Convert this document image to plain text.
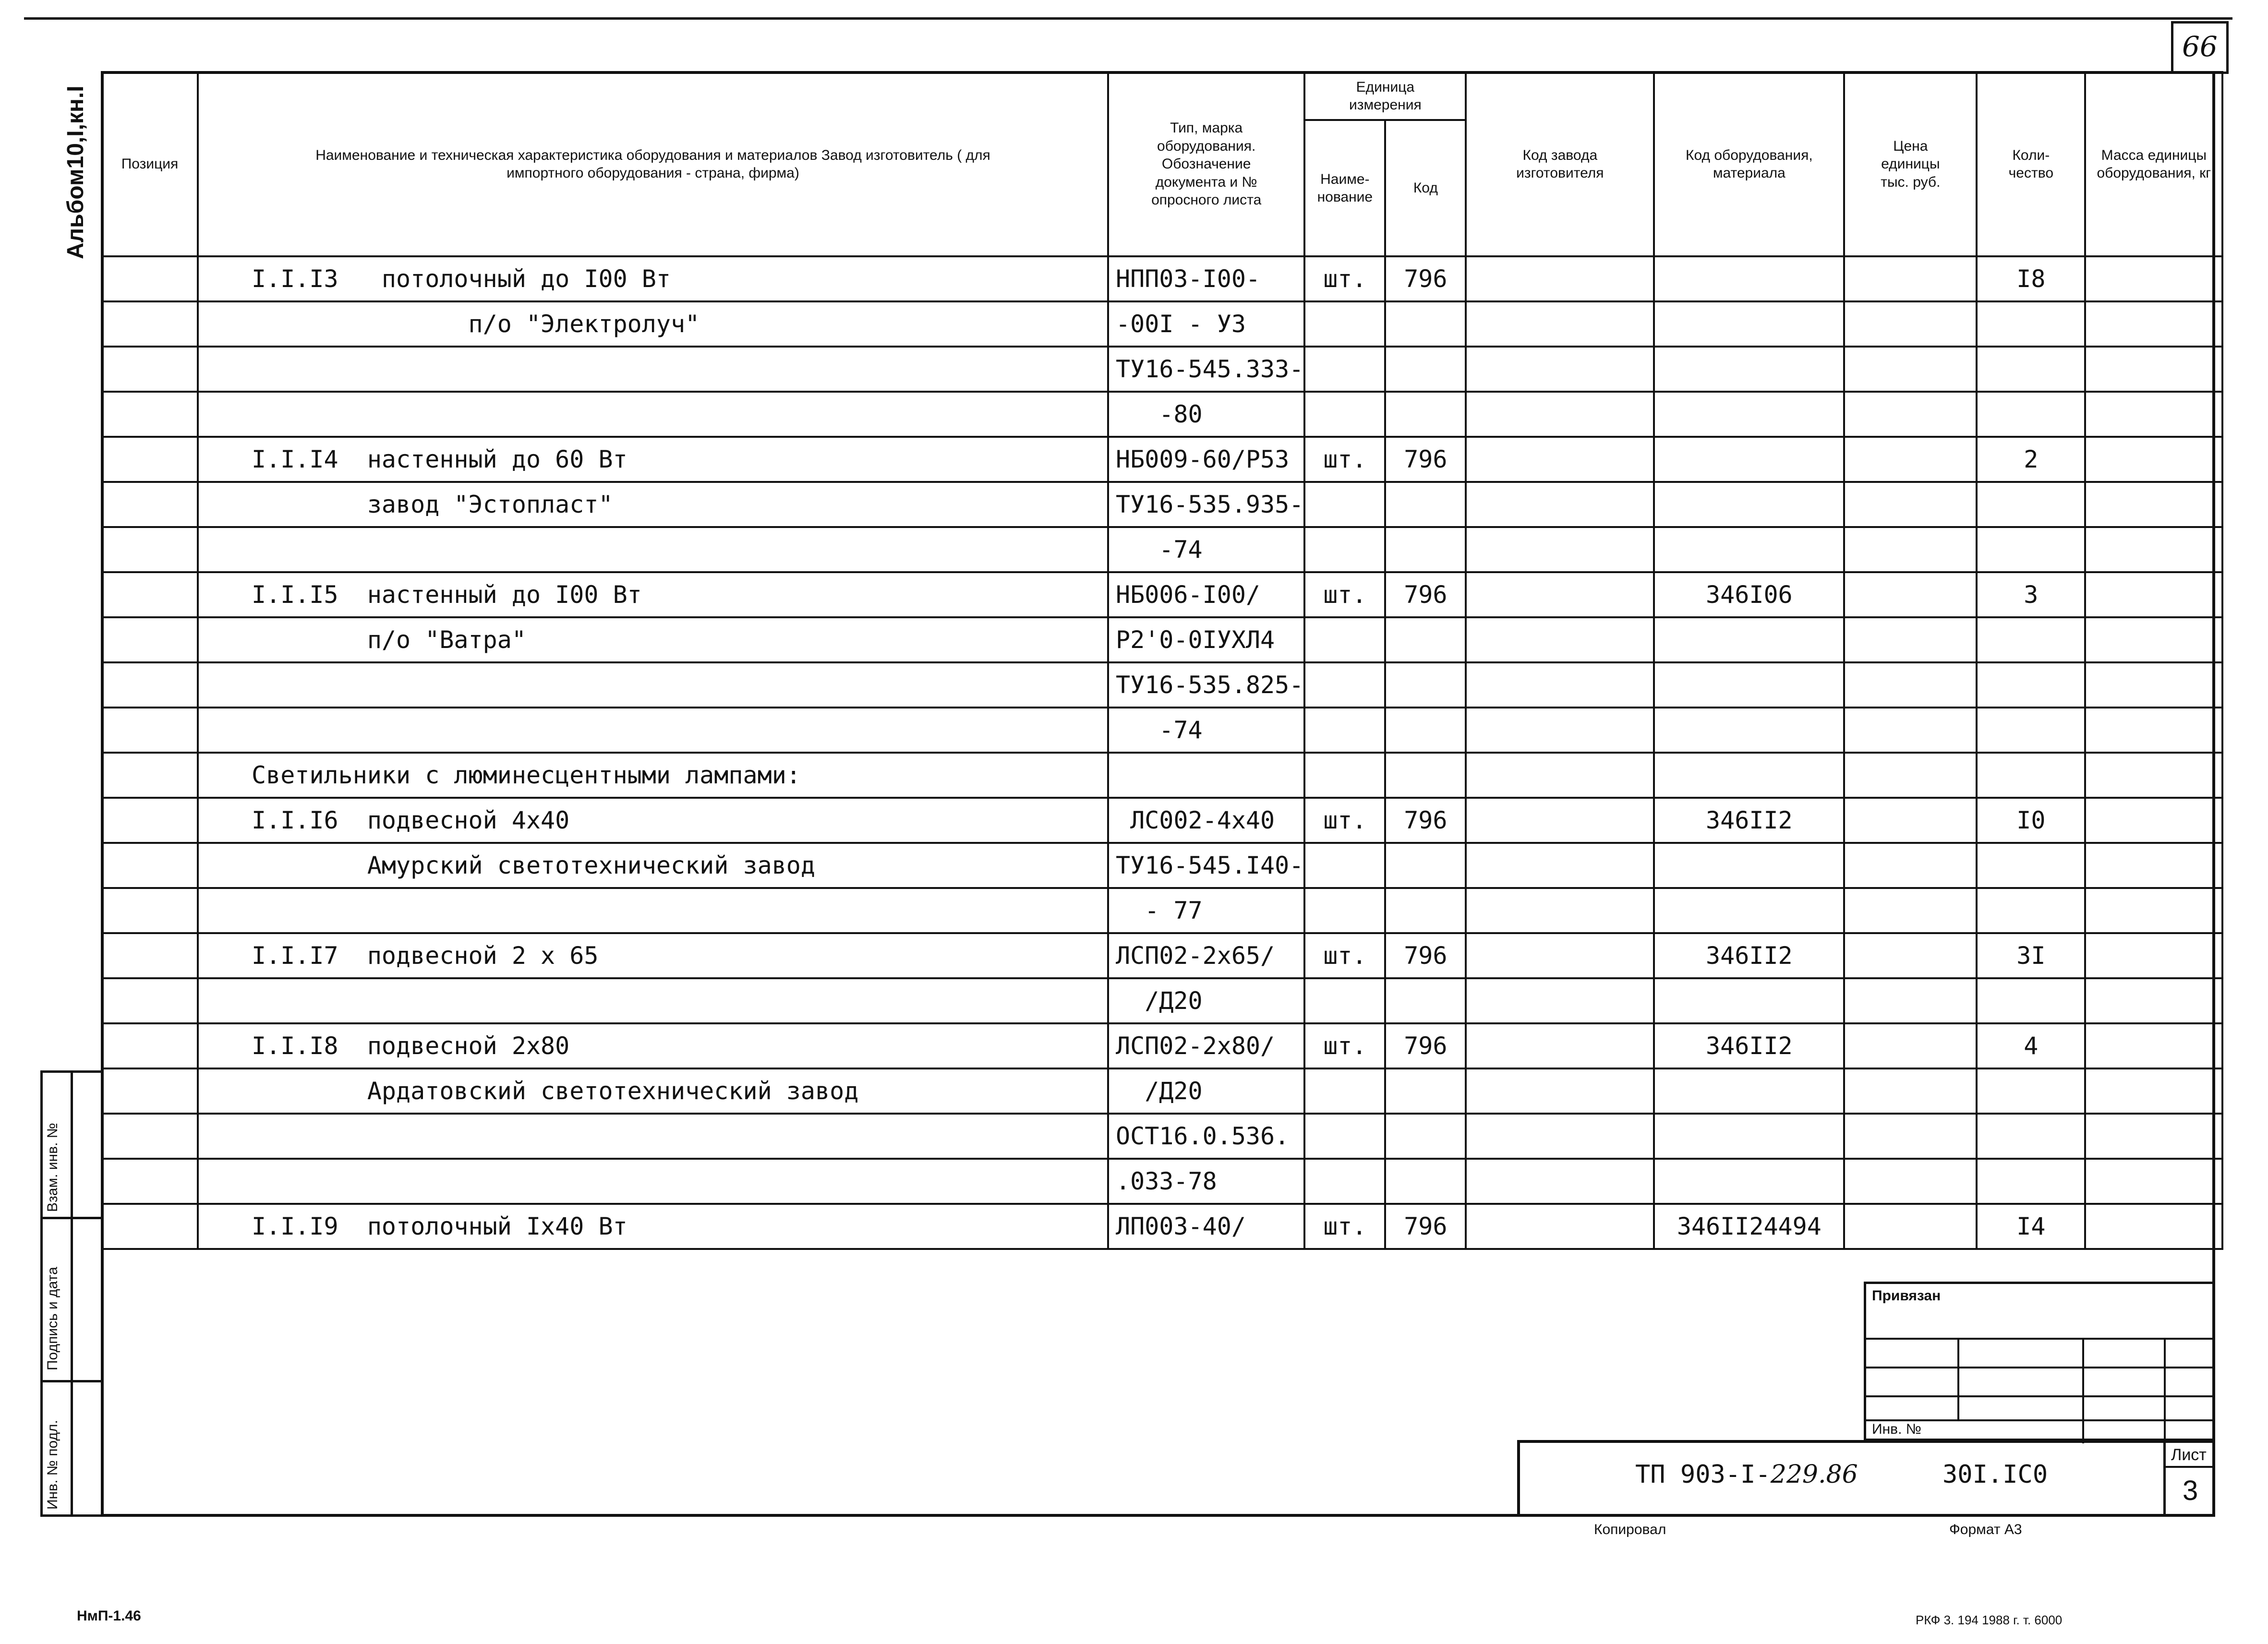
66
Альбом10,I,кн.I Позиция	Наименование и техническая характеристика оборудования и материалов Завод изготовитель ( для импортного оборудования - страна, фирма)	Тип, марка оборудования. Обозначение документа и № опросного листа	Единица измерения		Код завода изготовителя	Код оборудования, материала	Цена единицы тыс. руб.	Коли-чество	Масса единицы оборудования, кг
			Наиме-нование	Код					
	I.I.I3   потолочный до I00 Вт	НПП03-I00-	шт.	796				I8	
	п/о "Электролуч"	-00I - У3							
		ТУ16-545.333-							
		-80							
	I.I.I4  настенный до 60 Вт	НБ009-60/Р53	шт.	796				2	
	завод "Эстопласт"	ТУ16-535.935-							
		-74							
	I.I.I5  настенный до I00 Вт	НБ006-I00/	шт.	796		346I06		3	
	п/о "Ватра"	Р2'0-0IУХЛ4							
		ТУ16-535.825-							
		-74							
	Светильники с люминесцентными лампами:								
	I.I.I6  подвесной 4х40	ЛС002-4х40	шт.	796		346II2		I0	
	Амурский светотехнический завод	ТУ16-545.I40-							
		- 77							
	I.I.I7  подвесной 2 х 65	ЛСП02-2х65/	шт.	796		346II2		3I	
		/Д20							
	I.I.I8  подвесной 2х80	ЛСП02-2х80/	шт.	796		346II2		4	
	Ардатовский светотехнический завод	/Д20							
		ОСТ16.0.536.							
		.033-78							
	I.I.I9  потолочный Iх40 Вт	ЛП003-40/	шт.	796		346II24494		I4	
Взам. инв. №
Подпись и дата
Инв. № подл.
Привязан
Инв. №
ТП 903-I-229.86	30I.IC0
Лист
3
Копировал	Формат А3
НмП-1.46	РКФ 3. 194 1988 г. т. 6000
